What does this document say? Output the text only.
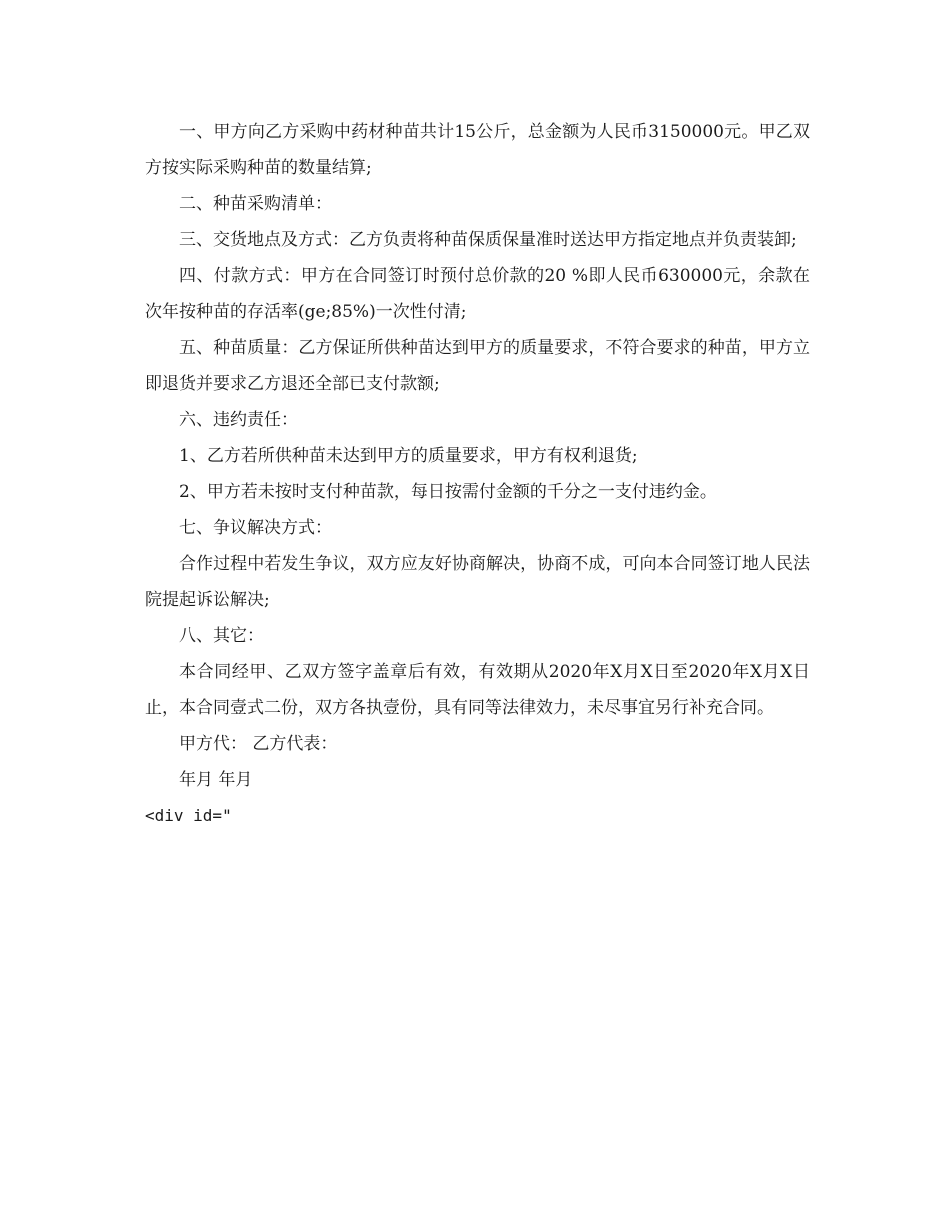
一、甲方向乙方采购中药材种苗共计15公斤，总金额为人民币3150000元。甲乙双方按实际采购种苗的数量结算;

二、种苗采购清单：

三、交货地点及方式：乙方负责将种苗保质保量准时送达甲方指定地点并负责装卸;

四、付款方式：甲方在合同签订时预付总价款的20 %即人民币630000元，余款在次年按种苗的存活率(ge;85%)一次性付清;

五、种苗质量：乙方保证所供种苗达到甲方的质量要求，不符合要求的种苗，甲方立即退货并要求乙方退还全部已支付款额;

六、违约责任：

1、乙方若所供种苗未达到甲方的质量要求，甲方有权利退货;

2、甲方若未按时支付种苗款，每日按需付金额的千分之一支付违约金。

七、争议解决方式：

合作过程中若发生争议，双方应友好协商解决，协商不成，可向本合同签订地人民法院提起诉讼解决;

八、其它：

本合同经甲、乙双方签字盖章后有效，有效期从2020年X月X日至2020年X月X日止，本合同壹式二份，双方各执壹份，具有同等法律效力，未尽事宜另行补充合同。

甲方代： 乙方代表：

年月 年月

<div id="
